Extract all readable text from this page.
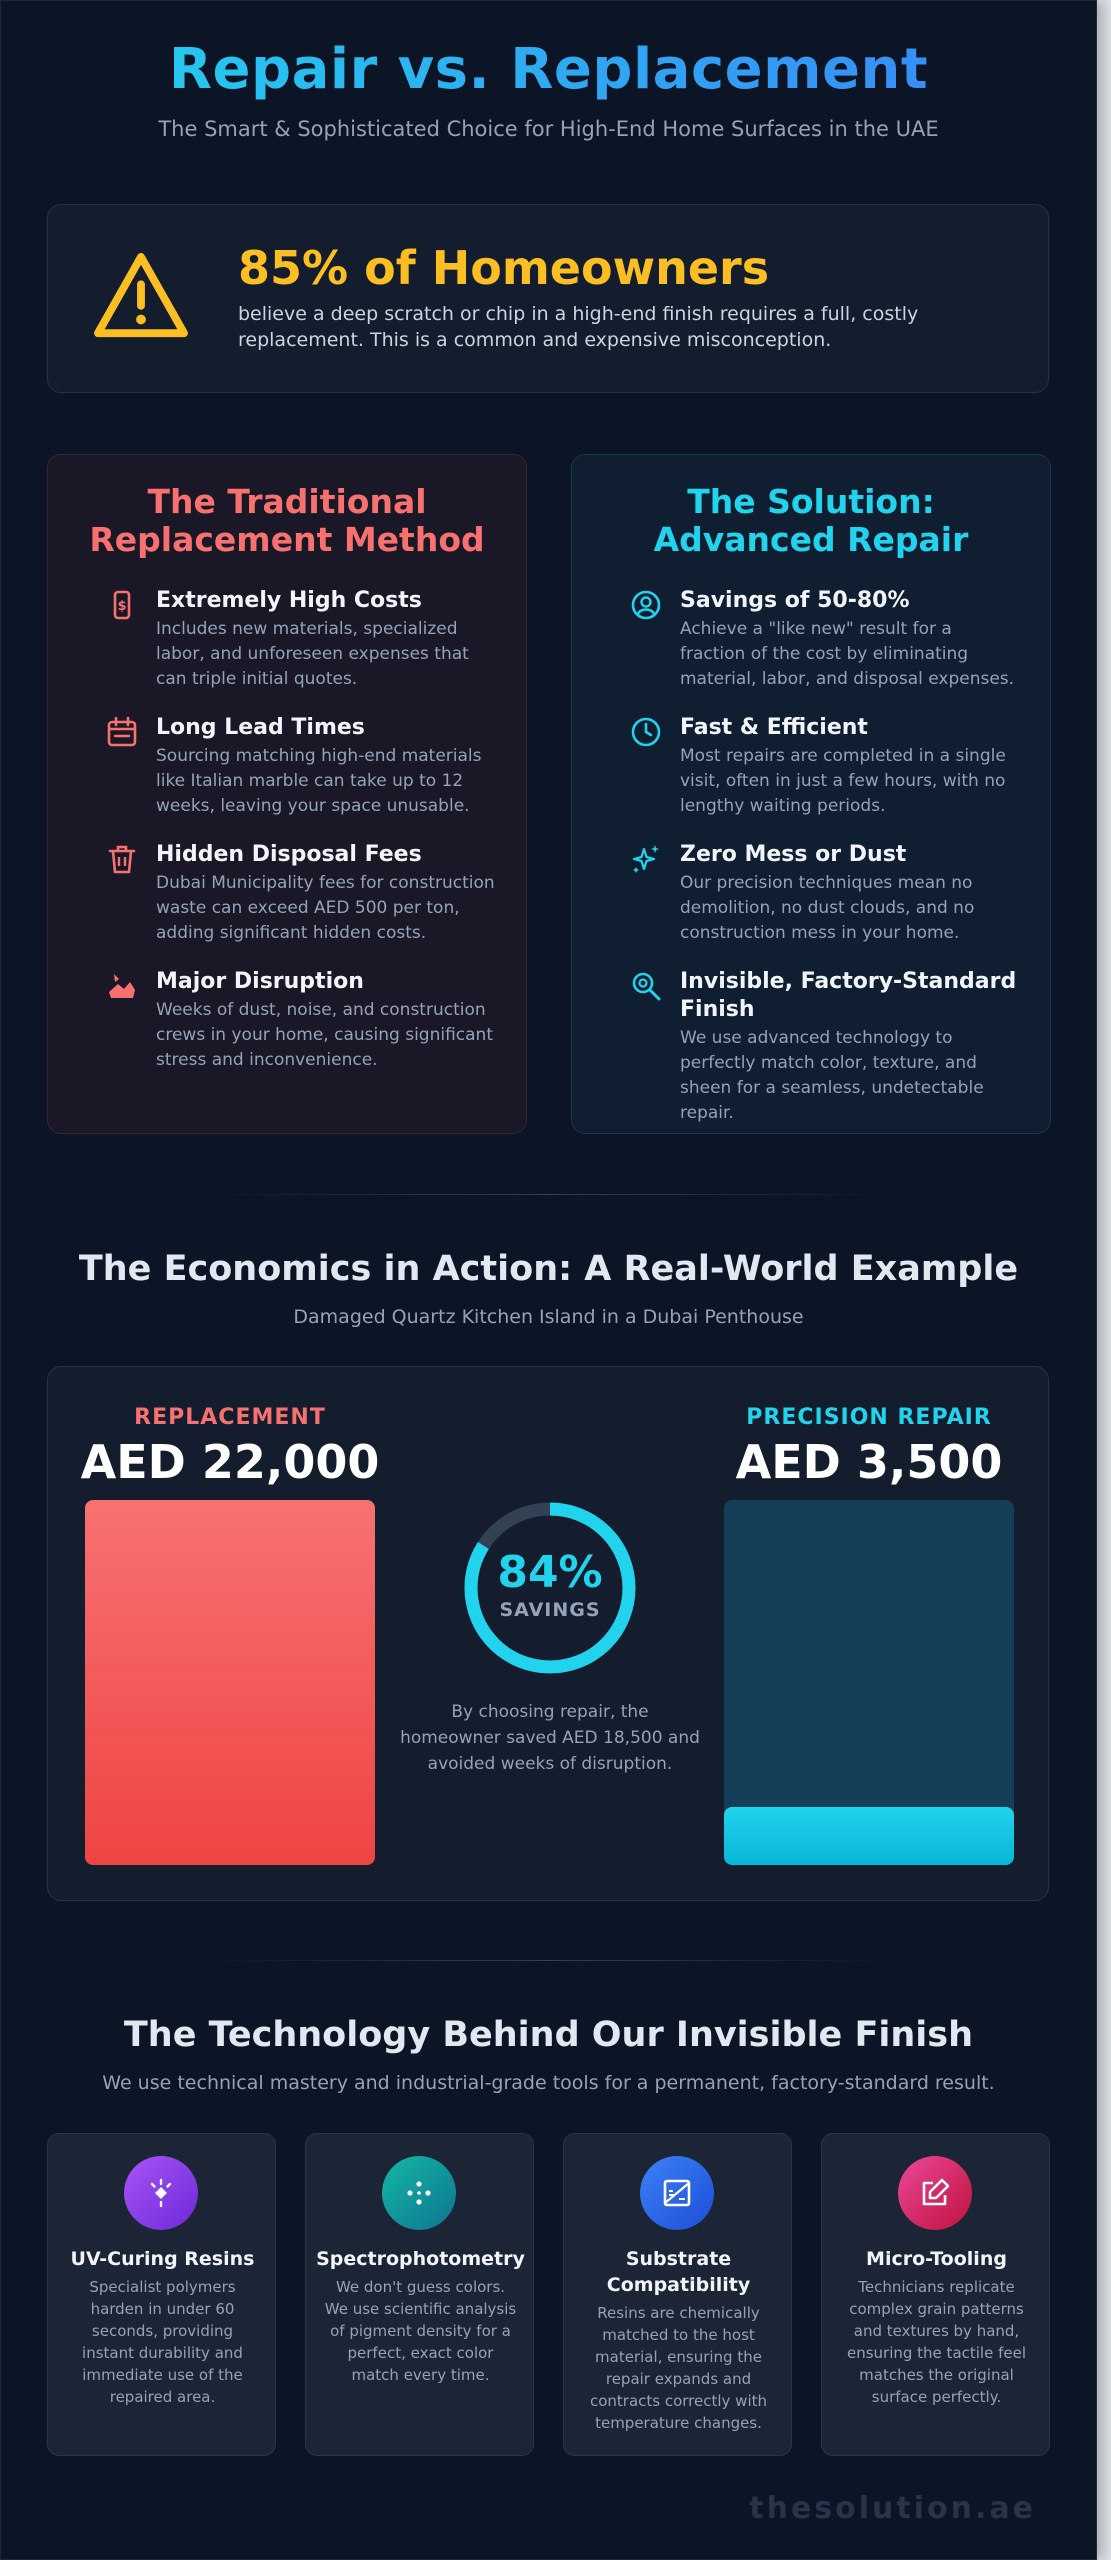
Repair vs. Replacement
The Smart & Sophisticated Choice for High-End Home Surfaces in the UAE
85% of Homeowners
believe a deep scratch or chip in a high-end finish requires a full, costly replacement. This is a common and expensive misconception.
The Traditional Replacement Method
$ Extremely High Costs
Includes new materials, specialized labor, and unforeseen expenses that can triple initial quotes.
Long Lead Times
Sourcing matching high-end materials like Italian marble can take up to 12 weeks, leaving your space unusable.
Hidden Disposal Fees
Dubai Municipality fees for construction waste can exceed AED 500 per ton, adding significant hidden costs.
Major Disruption
Weeks of dust, noise, and construction crews in your home, causing significant stress and inconvenience.
The Solution: Advanced Repair
Savings of 50-80%
Achieve a "like new" result for a fraction of the cost by eliminating material, labor, and disposal expenses.
Fast & Efficient
Most repairs are completed in a single visit, often in just a few hours, with no lengthy waiting periods.
Zero Mess or Dust
Our precision techniques mean no demolition, no dust clouds, and no construction mess in your home.
Invisible, Factory-Standard Finish
We use advanced technology to perfectly match color, texture, and sheen for a seamless, undetectable repair.
The Economics in Action: A Real-World Example
Damaged Quartz Kitchen Island in a Dubai Penthouse
REPLACEMENT
AED 22,000
84%
SAVINGS
By choosing repair, the homeowner saved AED 18,500 and avoided weeks of disruption.
PRECISION REPAIR
AED 3,500
The Technology Behind Our Invisible Finish
We use technical mastery and industrial-grade tools for a permanent, factory-standard result.
UV-Curing Resins
Specialist polymers harden in under 60 seconds, providing instant durability and immediate use of the repaired area.
Spectrophotometry
We don't guess colors. We use scientific analysis of pigment density for a perfect, exact color match every time.
Substrate Compatibility
Resins are chemically matched to the host material, ensuring the repair expands and contracts correctly with temperature changes.
Micro-Tooling
Technicians replicate complex grain patterns and textures by hand, ensuring the tactile feel matches the original surface perfectly.
thesolution.ae
